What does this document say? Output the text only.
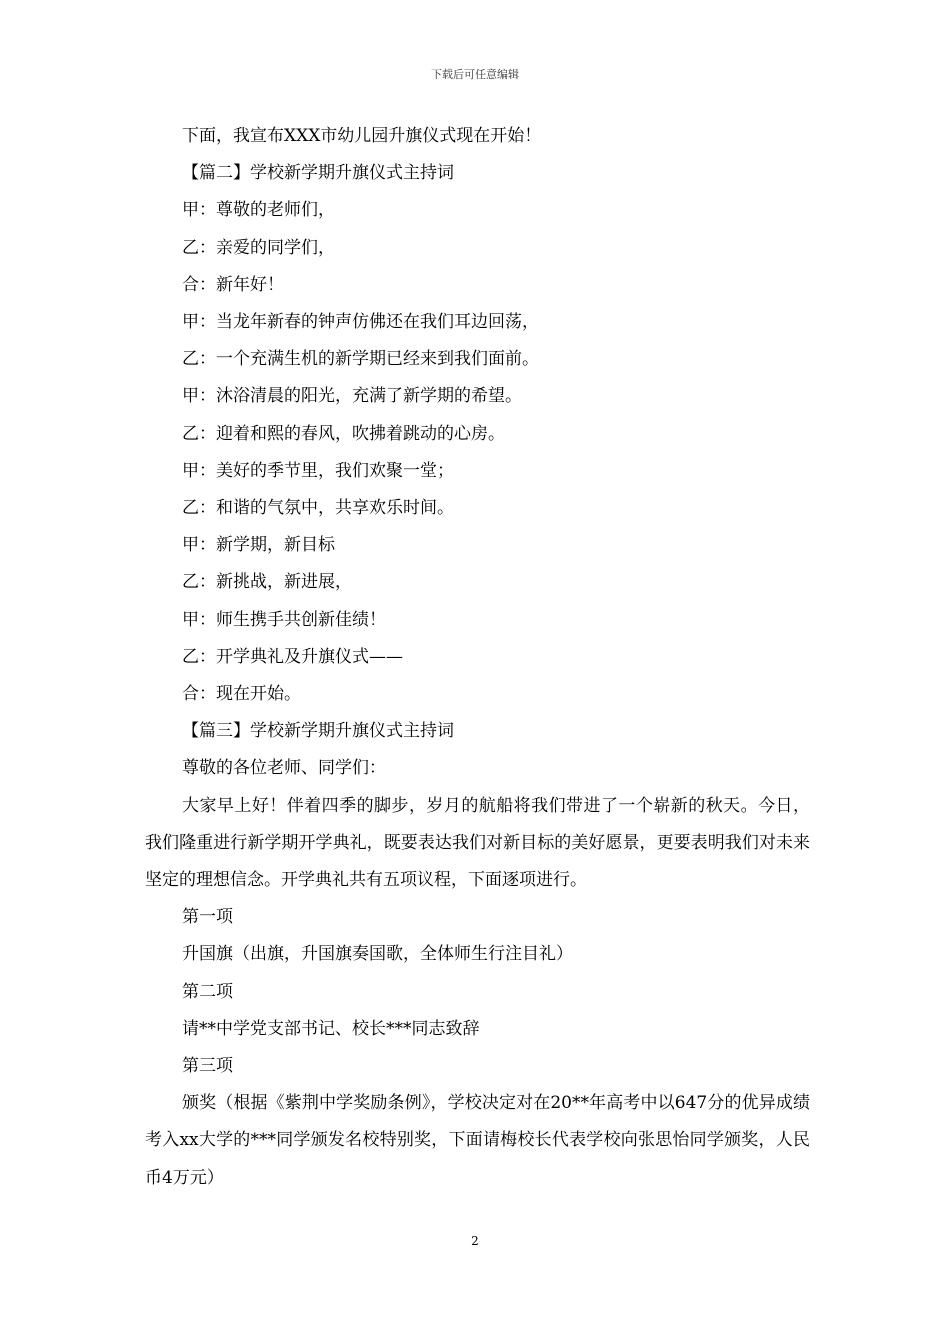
下载后可任意编辑
下面，我宣布XXX市幼儿园升旗仪式现在开始！
【篇二】学校新学期升旗仪式主持词
甲：尊敬的老师们，
乙：亲爱的同学们，
合：新年好！
甲：当龙年新春的钟声仿佛还在我们耳边回荡，
乙：一个充满生机的新学期已经来到我们面前。
甲：沐浴清晨的阳光，充满了新学期的希望。
乙：迎着和熙的春风，吹拂着跳动的心房。
甲：美好的季节里，我们欢聚一堂；
乙：和谐的气氛中，共享欢乐时间。
甲：新学期，新目标
乙：新挑战，新进展，
甲：师生携手共创新佳绩！
乙：开学典礼及升旗仪式——
合：现在开始。
【篇三】学校新学期升旗仪式主持词
尊敬的各位老师、同学们：
大家早上好！伴着四季的脚步，岁月的航船将我们带进了一个崭新的秋天。今日，我们隆重进行新学期开学典礼，既要表达我们对新目标的美好愿景，更要表明我们对未来坚定的理想信念。开学典礼共有五项议程，下面逐项进行。
第一项
升国旗（出旗，升国旗奏国歌，全体师生行注目礼）
第二项
请**中学党支部书记、校长***同志致辞
第三项
颁奖（根据《紫荆中学奖励条例》，学校决定对在20**年高考中以647分的优异成绩考入xx大学的***同学颁发名校特别奖，下面请梅校长代表学校向张思怡同学颁奖，人民币4万元）
2
